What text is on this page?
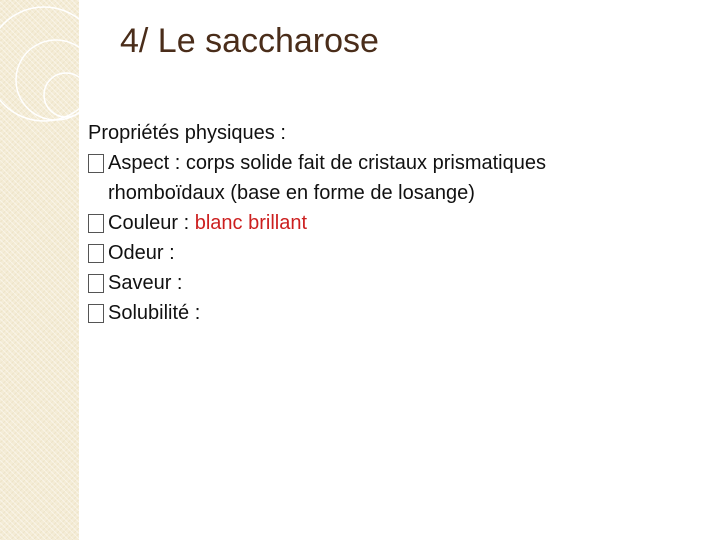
4/ Le saccharose
Propriétés physiques :
Aspect : corps solide fait de cristaux prismatiques
rhomboïdaux (base en forme de losange)
Couleur : blanc brillant
Odeur :
Saveur :
Solubilité :
